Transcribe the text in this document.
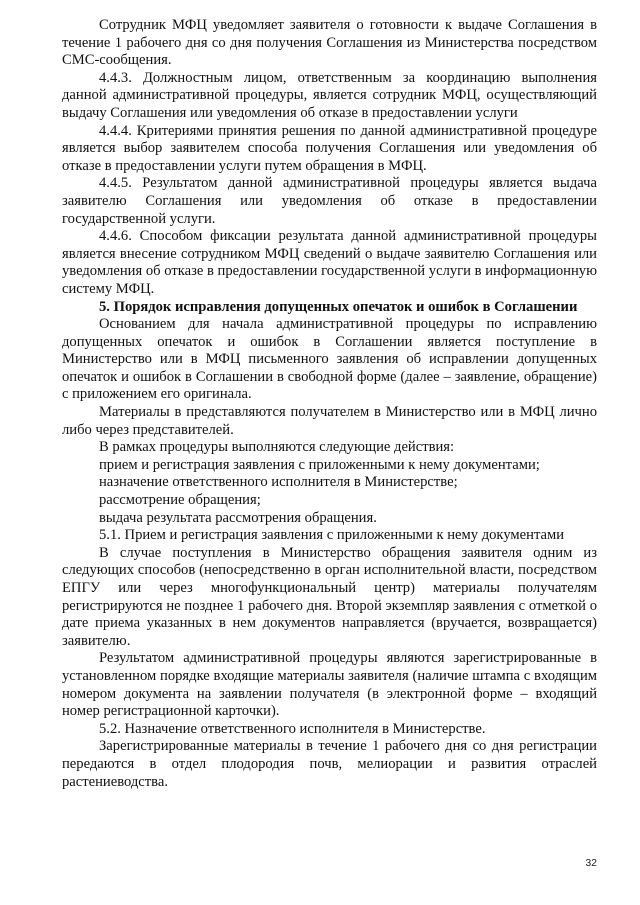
Сотрудник МФЦ уведомляет заявителя о готовности к выдаче Соглашения в течение 1 рабочего дня со дня получения Соглашения из Министерства посредством СМС-сообщения.

4.4.3. Должностным лицом, ответственным за координацию выполнения данной административной процедуры, является сотрудник МФЦ, осуществляющий выдачу Соглашения или уведомления об отказе в предоставлении услуги

4.4.4. Критериями принятия решения по данной административной процедуре является выбор заявителем способа получения Соглашения или уведомления об отказе в предоставлении услуги путем обращения в МФЦ.

4.4.5. Результатом данной административной процедуры является выдача заявителю Соглашения или уведомления об отказе в предоставлении государственной услуги.

4.4.6. Способом фиксации результата данной административной процедуры является внесение сотрудником МФЦ сведений о выдаче заявителю Соглашения или уведомления об отказе в предоставлении государственной услуги в информационную систему МФЦ.

5. Порядок исправления допущенных опечаток и ошибок в Соглашении

Основанием для начала административной процедуры по исправлению допущенных опечаток и ошибок в Соглашении является поступление в Министерство или в МФЦ письменного заявления об исправлении допущенных опечаток и ошибок в Соглашении в свободной форме (далее – заявление, обращение) с приложением его оригинала.

Материалы в представляются получателем в Министерство или в МФЦ лично либо через представителей.

В рамках процедуры выполняются следующие действия:

прием и регистрация заявления с приложенными к нему документами;

назначение ответственного исполнителя в Министерстве;

рассмотрение обращения;

выдача результата рассмотрения обращения.

5.1. Прием и регистрация заявления с приложенными к нему документами

В случае поступления в Министерство обращения заявителя одним из следующих способов (непосредственно в орган исполнительной власти, посредством ЕПГУ или через многофункциональный центр) материалы получателям регистрируются не позднее 1 рабочего дня. Второй экземпляр заявления с отметкой о дате приема указанных в нем документов направляется (вручается, возвращается) заявителю.

Результатом административной процедуры являются зарегистрированные в установленном порядке входящие материалы заявителя (наличие штампа с входящим номером документа на заявлении получателя (в электронной форме – входящий номер регистрационной карточки).

5.2. Назначение ответственного исполнителя в Министерстве.

Зарегистрированные материалы в течение 1 рабочего дня со дня регистрации передаются в отдел плодородия почв, мелиорации и развития отраслей растениеводства.

32
